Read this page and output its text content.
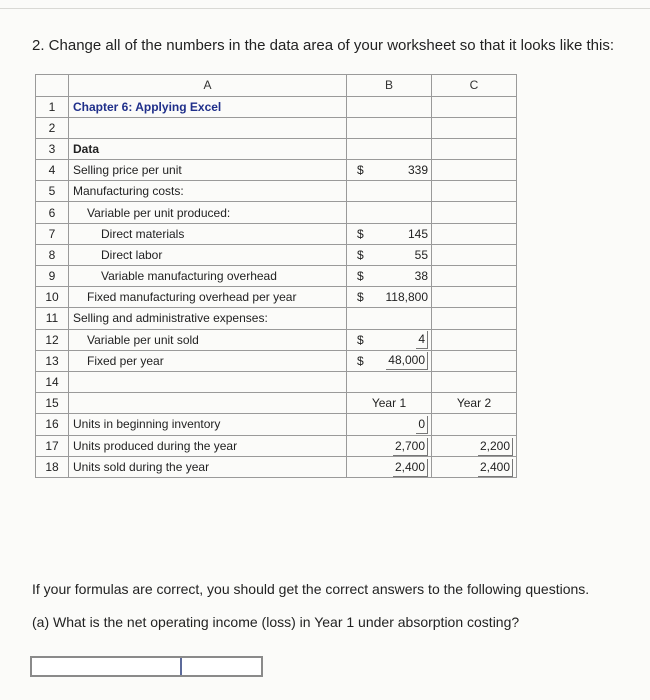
2. Change all of the numbers in the data area of your worksheet so that it looks like this:
	A	B	C
1	Chapter 6: Applying Excel		
2			
3	Data		
4	Selling price per unit	$ 339	

5	Manufacturing costs:		
6	Variable per unit produced:		
7	Direct materials	$ 145	

8	Direct labor	$ 55	

9	Variable manufacturing overhead	$ 38	

10	Fixed manufacturing overhead per year	$ 118,800	

11	Selling and administrative expenses:		
12	Variable per unit sold	$ 4	

13	Fixed per year	$ 48,000	

14			
15		Year 1	Year 2
16	Units in beginning inventory	0	
17	Units produced during the year	2,700	2,200
18	Units sold during the year	2,400	2,400
If your formulas are correct, you should get the correct answers to the following questions.
(a) What is the net operating income (loss) in Year 1 under absorption costing?
